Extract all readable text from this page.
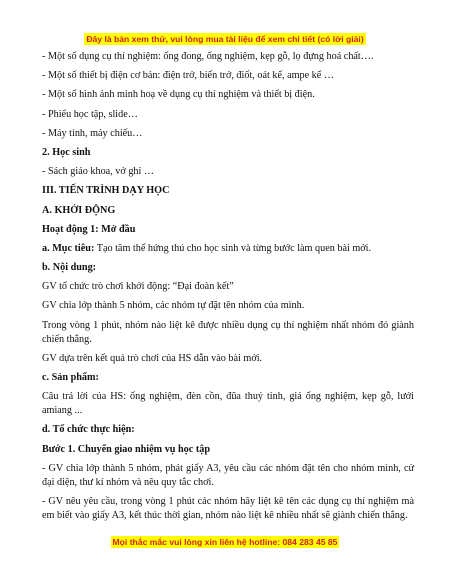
Đây là bản xem thử, vui lòng mua tài liệu để xem chi tiết (có lời giải)
- Một số dụng cụ thí nghiệm: ống đong, ống nghiệm, kẹp gỗ, lọ đựng hoá chất….
- Một số thiết bị điện cơ bản: điện trở, biến trở, điốt, oát kế, ampe kế …
- Một số hình ảnh minh hoạ về dụng cụ thí nghiệm và thiết bị điện.
- Phiếu học tập, slide…
- Máy tính, máy chiếu…
2. Học sinh
- Sách giáo khoa, vở ghi …
III. TIẾN TRÌNH DẠY HỌC
A. KHỞI ĐỘNG
Hoạt động 1: Mở đầu
a. Mục tiêu: Tạo tâm thế hứng thú cho học sinh và từng bước làm quen bài mới.
b. Nội dung:
GV tổ chức trò chơi khởi động: “Đại đoàn kết”
GV chia lớp thành 5 nhóm, các nhóm tự đặt tên nhóm của mình.
Trong vòng 1 phút, nhóm nào liệt kê được nhiều dụng cụ thí nghiệm nhất nhóm đó giành chiến thắng.
GV dựa trên kết quả trò chơi của HS dẫn vào bài mới.
c. Sản phẩm:
Câu trả lời của HS: ống nghiệm, đèn cồn, đũa thuỷ tinh, giá ống nghiệm, kẹp gỗ, lưới amiang ...
d. Tổ chức thực hiện:
Bước 1. Chuyển giao nhiệm vụ học tập
- GV chia lớp thành 5 nhóm, phát giấy A3, yêu cầu các nhóm đặt tên cho nhóm mình, cử đại diện, thư kí nhóm và nêu quy tắc chơi.
- GV nêu yêu cầu, trong vòng 1 phút các nhóm hãy liệt kê tên các dụng cụ thí nghiệm mà em biết vào giấy A3, kết thúc thời gian, nhóm nào liệt kê nhiều nhất sẽ giành chiến thắng.
Mọi thắc mắc vui lòng xin liên hệ hotline: 084 283 45 85
